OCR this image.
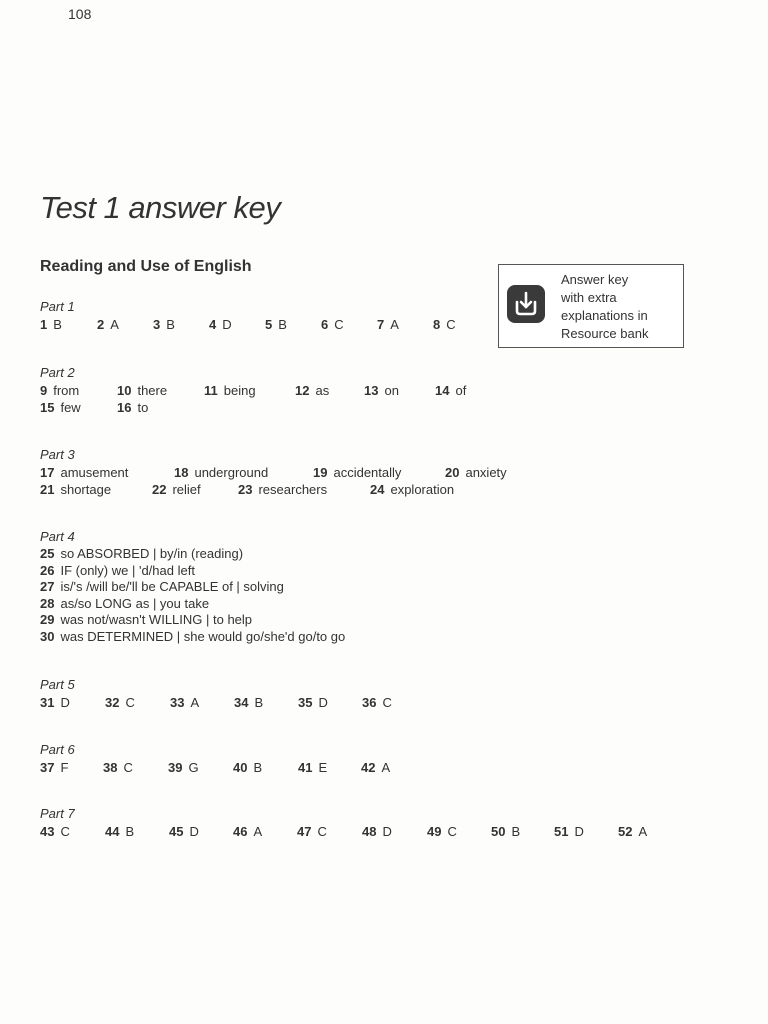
108
Test 1 answer key
Reading and Use of English
Answer key
with extra
explanations in
Resource bank
Part 1
1 B	2 A	3 B	4 D	5 B	6 C	7 A	8 C
Part 2
9 from	10 there	11 being	12 as	13 on	14 of
15 few	16 to
Part 3
17 amusement	18 underground	19 accidentally	20 anxiety
21 shortage	22 relief	23 researchers	24 exploration
Part 4
25 so ABSORBED | by/in (reading)
26 IF (only) we | 'd/had left
27 is/'s /will be/'ll be CAPABLE of | solving
28 as/so LONG as | you take
29 was not/wasn't WILLING | to help
30 was DETERMINED | she would go/she'd go/to go
Part 5
31 D	32 C	33 A	34 B	35 D	36 C
Part 6
37 F	38 C	39 G	40 B	41 E	42 A
Part 7
43 C	44 B	45 D	46 A	47 C	48 D	49 C	50 B	51 D	52 A
